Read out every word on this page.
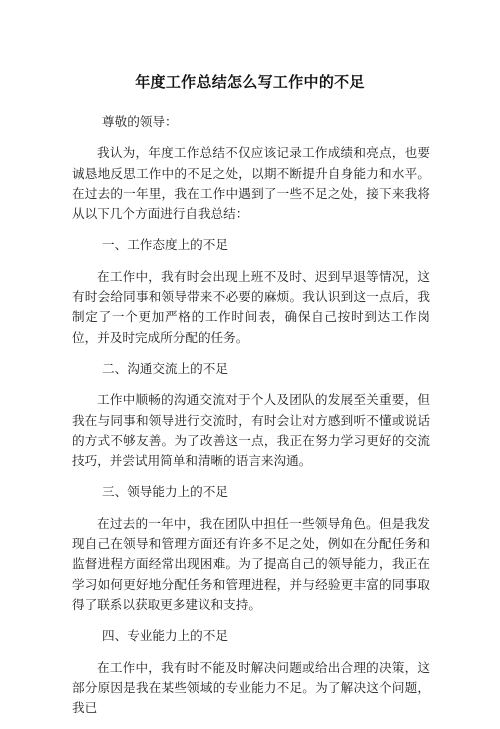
年度工作总结怎么写工作中的不足

尊敬的领导：

我认为，年度工作总结不仅应该记录工作成绩和亮点，也要诚恳地反思工作中的不足之处，以期不断提升自身能力和水平。在过去的一年里，我在工作中遇到了一些不足之处，接下来我将从以下几个方面进行自我总结：

一、工作态度上的不足

在工作中，我有时会出现上班不及时、迟到早退等情况，这有时会给同事和领导带来不必要的麻烦。我认识到这一点后，我制定了一个更加严格的工作时间表，确保自己按时到达工作岗位，并及时完成所分配的任务。

二、沟通交流上的不足

工作中顺畅的沟通交流对于个人及团队的发展至关重要，但我在与同事和领导进行交流时，有时会让对方感到听不懂或说话的方式不够友善。为了改善这一点，我正在努力学习更好的交流技巧，并尝试用简单和清晰的语言来沟通。

三、领导能力上的不足

在过去的一年中，我在团队中担任一些领导角色。但是我发现自己在领导和管理方面还有许多不足之处，例如在分配任务和监督进程方面经常出现困难。为了提高自己的领导能力，我正在学习如何更好地分配任务和管理进程，并与经验更丰富的同事取得了联系以获取更多建议和支持。

四、专业能力上的不足

在工作中，我有时不能及时解决问题或给出合理的决策，这部分原因是我在某些领域的专业能力不足。为了解决这个问题，我已
